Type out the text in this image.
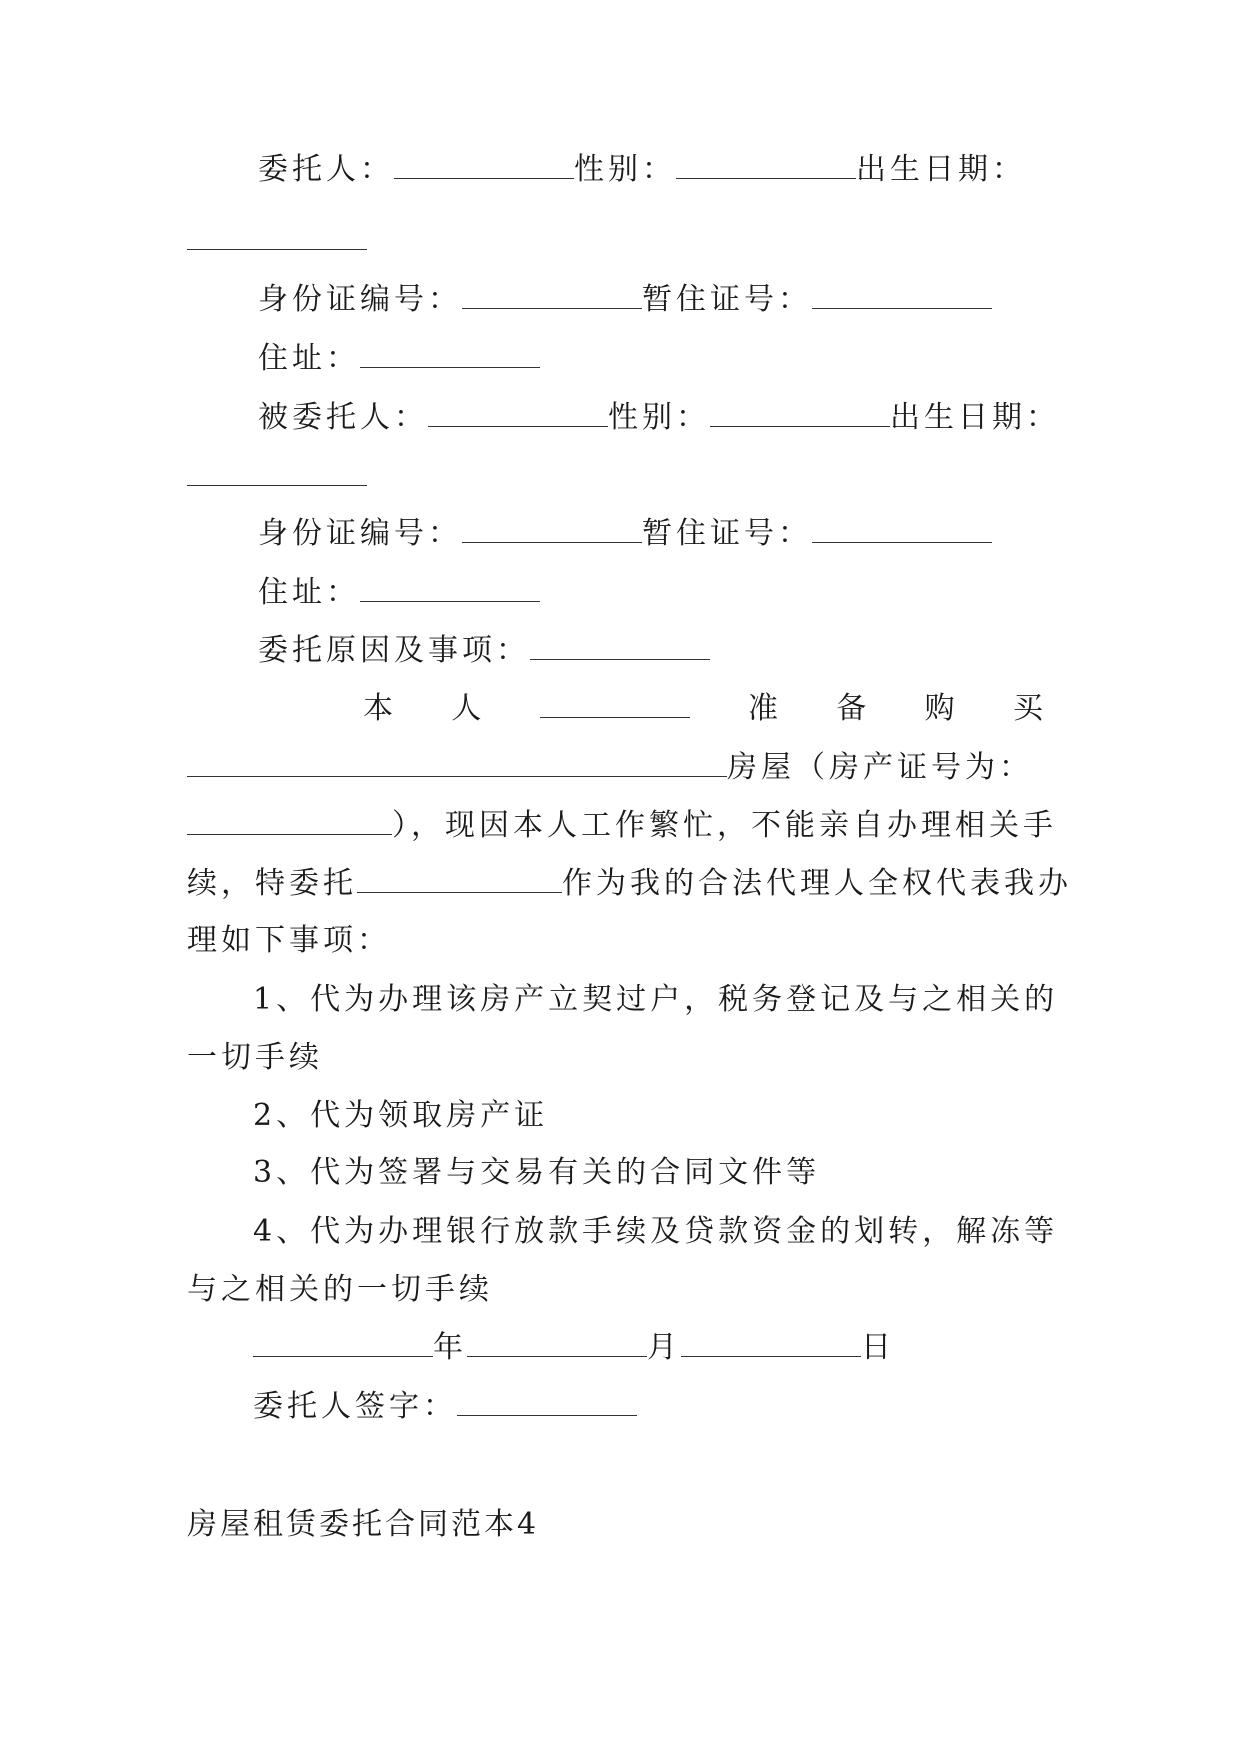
委托人：	性别：	出生日期：
身份证编号：	暂住证号：
住址：
被委托人：	性别：	出生日期：
身份证编号：	暂住证号：
住址：
委托原因及事项：
本 人	准 备 购 买
房屋（房产证号为：
），现因本人工作繁忙，不能亲自办理相关手
续，特委托	作为我的合法代理人全权代表我办
理如下事项：
1、代为办理该房产立契过户，税务登记及与之相关的
一切手续
2、代为领取房产证
3、代为签署与交易有关的合同文件等
4、代为办理银行放款手续及贷款资金的划转，解冻等
与之相关的一切手续
年	月	日
委托人签字：
房屋租赁委托合同范本4
